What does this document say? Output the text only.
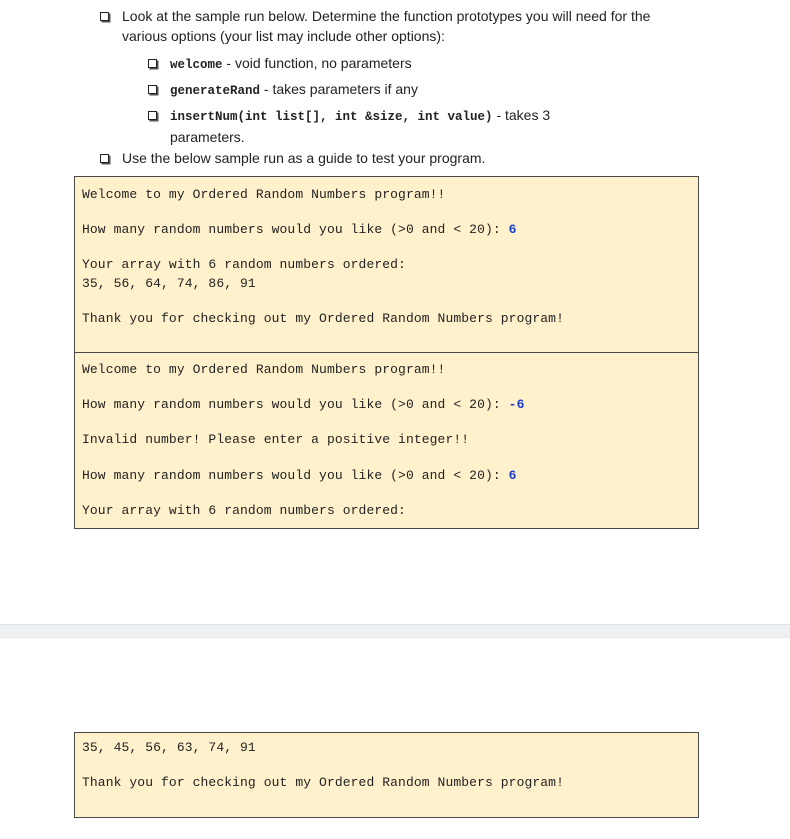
Look at the sample run below. Determine the function prototypes you will need for the
various options (your list may include other options):
welcome - void function, no parameters
generateRand - takes parameters if any
insertNum(int list[], int &size, int value) - takes 3
parameters.
Use the below sample run as a guide to test your program.
Welcome to my Ordered Random Numbers program!!
How many random numbers would you like (>0 and < 20): 6
Your array with 6 random numbers ordered:
35, 56, 64, 74, 86, 91
Thank you for checking out my Ordered Random Numbers program!
Welcome to my Ordered Random Numbers program!!
How many random numbers would you like (>0 and < 20): -6
Invalid number! Please enter a positive integer!!
How many random numbers would you like (>0 and < 20): 6
Your array with 6 random numbers ordered:
35, 45, 56, 63, 74, 91
Thank you for checking out my Ordered Random Numbers program!
